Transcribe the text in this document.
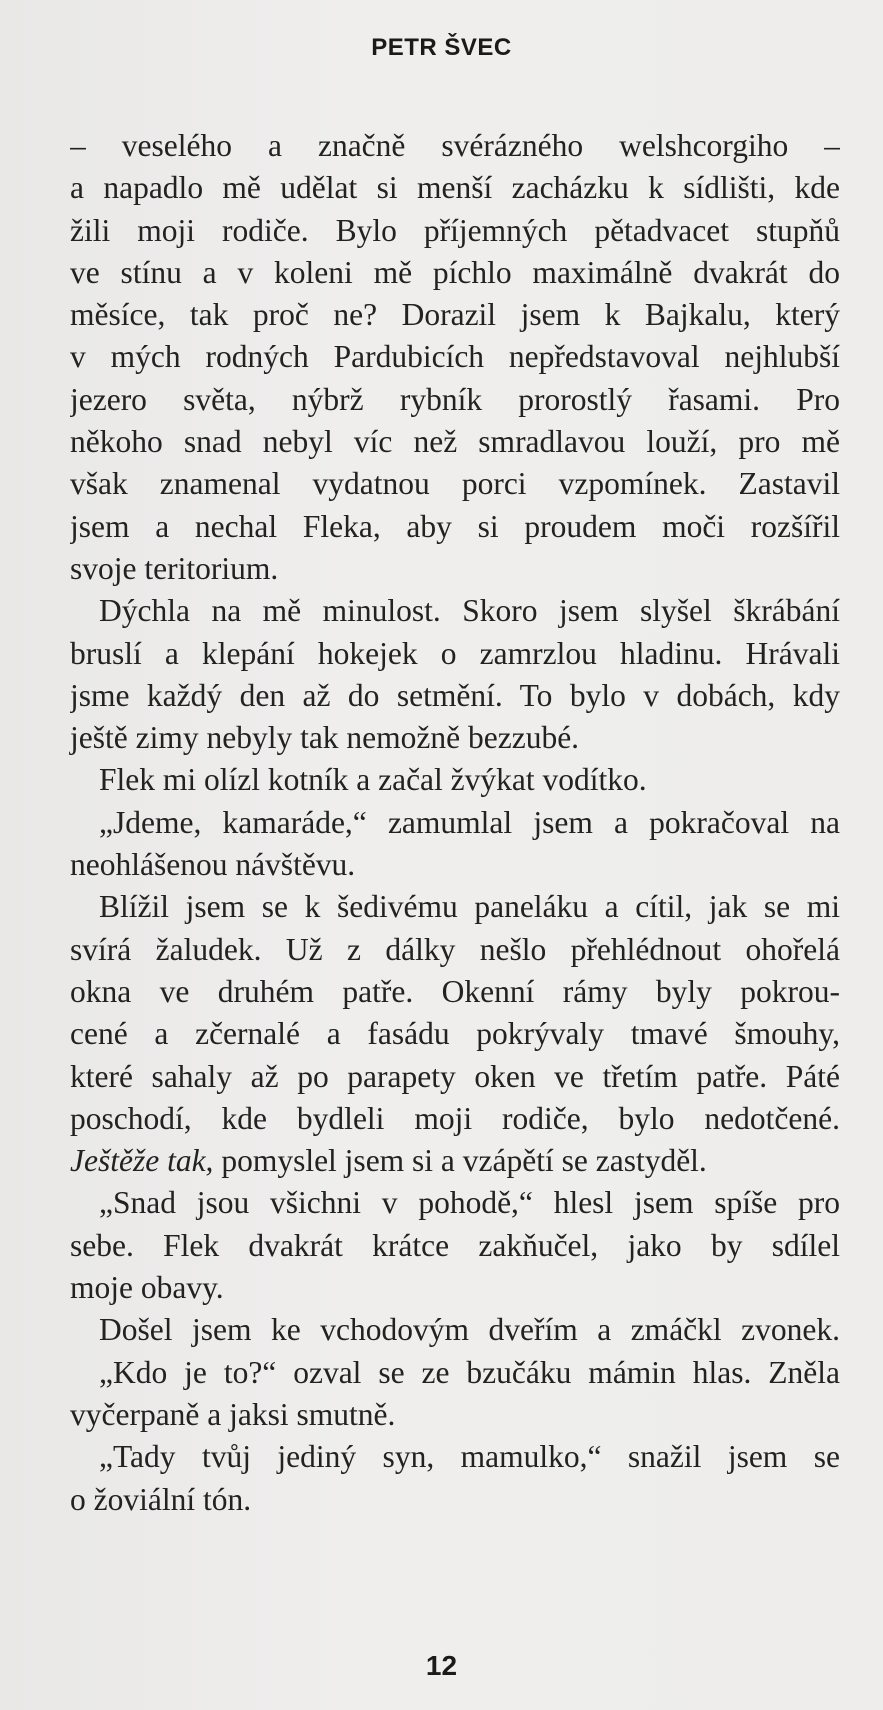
PETR ŠVEC
– veselého a značně svérázného welshcorgiho –
a napadlo mě udělat si menší zacházku k sídlišti, kde
žili moji rodiče. Bylo příjemných pětadvacet stupňů
ve stínu a v koleni mě píchlo maximálně dvakrát do
měsíce, tak proč ne? Dorazil jsem k Bajkalu, který
v mých rodných Pardubicích nepředstavoval nejhlubší
jezero světa, nýbrž rybník prorostlý řasami. Pro
někoho snad nebyl víc než smradlavou louží, pro mě
však znamenal vydatnou porci vzpomínek. Zastavil
jsem a nechal Fleka, aby si proudem moči rozšířil
svoje teritorium.
Dýchla na mě minulost. Skoro jsem slyšel škrábání
bruslí a klepání hokejek o zamrzlou hladinu. Hrávali
jsme každý den až do setmění. To bylo v dobách, kdy
ještě zimy nebyly tak nemožně bezzubé.
Flek mi olízl kotník a začal žvýkat vodítko.
„Jdeme, kamaráde,“ zamumlal jsem a pokračoval na
neohlášenou návštěvu.
Blížil jsem se k šedivému paneláku a cítil, jak se mi
svírá žaludek. Už z dálky nešlo přehlédnout ohořelá
okna ve druhém patře. Okenní rámy byly pokrou-
cené a zčernalé a fasádu pokrývaly tmavé šmouhy,
které sahaly až po parapety oken ve třetím patře. Páté
poschodí, kde bydleli moji rodiče, bylo nedotčené.
Ještěže tak, pomyslel jsem si a vzápětí se zastyděl.
„Snad jsou všichni v pohodě,“ hlesl jsem spíše pro
sebe. Flek dvakrát krátce zakňučel, jako by sdílel
moje obavy.
Došel jsem ke vchodovým dveřím a zmáčkl zvonek.
„Kdo je to?“ ozval se ze bzučáku mámin hlas. Zněla
vyčerpaně a jaksi smutně.
„Tady tvůj jediný syn, mamulko,“ snažil jsem se
o žoviální tón.
12
